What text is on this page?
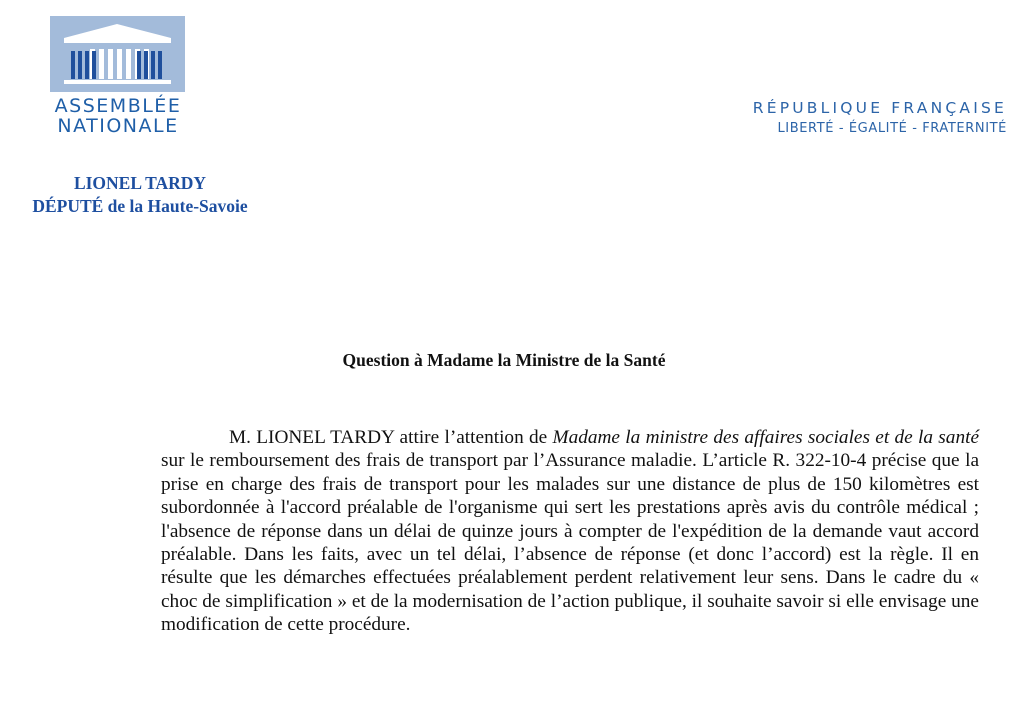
ASSEMBLÉE
NATIONALE
RÉPUBLIQUE FRANÇAISE
LIBERTÉ - ÉGALITÉ - FRATERNITÉ
LIONEL TARDY
DÉPUTÉ de la Haute-Savoie
Question à Madame la Ministre de la Santé
M. LIONEL TARDY attire l’attention de Madame la ministre des affaires sociales et de la santé sur le remboursement des frais de transport par l’Assurance maladie. L’article R. 322-10-4 précise que la prise en charge des frais de transport pour les malades sur une distance de plus de 150 kilomètres est subordonnée à l'accord préalable de l'organisme qui sert les prestations après avis du contrôle médical ; l'absence de réponse dans un délai de quinze jours à compter de l'expédition de la demande vaut accord préalable. Dans les faits, avec un tel délai, l’absence de réponse (et donc l’accord) est la règle. Il en résulte que les démarches effectuées préalablement perdent relativement leur sens. Dans le cadre du « choc de simplification » et de la modernisation de l’action publique, il souhaite savoir si elle envisage une modification de cette procédure.
